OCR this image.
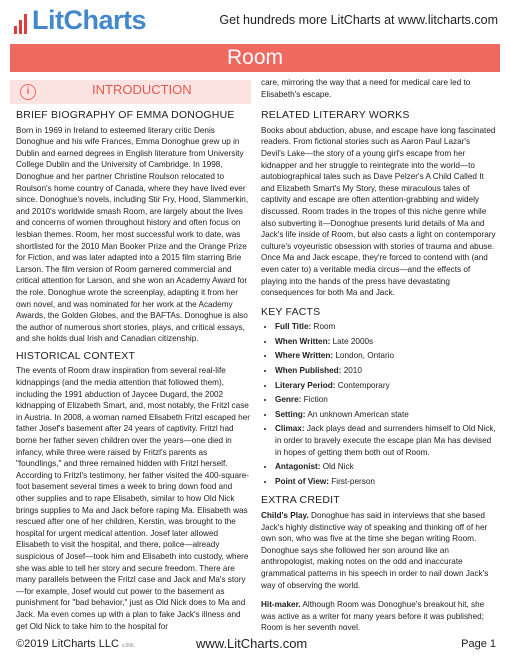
LitCharts	Get hundreds more LitCharts at www.litcharts.com
Room
i	INTRODUCTION
BRIEF BIOGRAPHY OF EMMA DONOGHUE

Born in 1969 in Ireland to esteemed literary critic Denis Donoghue and his wife Frances, Emma Donoghue grew up in Dublin and earned degrees in English literature from University College Dublin and the University of Cambridge. In 1998, Donoghue and her partner Christine Roulson relocated to Roulson's home country of Canada, where they have lived ever since. Donoghue's novels, including Stir Fry, Hood, Slammerkin, and 2010's worldwide smash Room, are largely about the lives and concerns of women throughout history and often focus on lesbian themes. Room, her most successful work to date, was shortlisted for the 2010 Man Booker Prize and the Orange Prize for Fiction, and was later adapted into a 2015 film starring Brie Larson. The film version of Room garnered commercial and critical attention for Larson, and she won an Academy Award for the role. Donoghue wrote the screenplay, adapting it from her own novel, and was nominated for her work at the Academy Awards, the Golden Globes, and the BAFTAs. Donoghue is also the author of numerous short stories, plays, and critical essays, and she holds dual Irish and Canadian citizenship.

HISTORICAL CONTEXT

The events of Room draw inspiration from several real-life kidnappings (and the media attention that followed them), including the 1991 abduction of Jaycee Dugard, the 2002 kidnapping of Elizabeth Smart, and, most notably, the Fritzl case in Austria. In 2008, a woman named Elisabeth Fritzl escaped her father Josef's basement after 24 years of captivity. Fritzl had borne her father seven children over the years—one died in infancy, while three were raised by Fritzl's parents as "foundlings," and three remained hidden with Fritzl herself. According to Fritzl's testimony, her father visited the 400-square-foot basement several times a week to bring down food and other supplies and to rape Elisabeth, similar to how Old Nick brings supplies to Ma and Jack before raping Ma. Elisabeth was rescued after one of her children, Kerstin, was brought to the hospital for urgent medical attention. Josef later allowed Elisabeth to visit the hospital, and there, police—already suspicious of Josef—took him and Elisabeth into custody, where she was able to tell her story and secure freedom. There are many parallels between the Fritzl case and Jack and Ma's story—for example, Josef would cut power to the basement as punishment for "bad behavior," just as Old Nick does to Ma and Jack. Ma even comes up with a plan to fake Jack's illness and get Old Nick to take him to the hospital for

care, mirroring the way that a need for medical care led to Elisabeth's escape.

RELATED LITERARY WORKS

Books about abduction, abuse, and escape have long fascinated readers. From fictional stories such as Aaron Paul Lazar's Devil's Lake—the story of a young girl's escape from her kidnapper and her struggle to reintegrate into the world—to autobiographical tales such as Dave Pelzer's A Child Called It and Elizabeth Smart's My Story, these miraculous tales of captivity and escape are often attention-grabbing and widely discussed. Room trades in the tropes of this niche genre while also subverting it—Donoghue presents lurid details of Ma and Jack's life inside of Room, but also casts a light on contemporary culture's voyeuristic obsession with stories of trauma and abuse. Once Ma and Jack escape, they're forced to contend with (and even cater to) a veritable media circus—and the effects of playing into the hands of the press have devastating consequences for both Ma and Jack.

KEY FACTS
• Full Title: Room
• When Written: Late 2000s
• Where Written: London, Ontario
• When Published: 2010
• Literary Period: Contemporary
• Genre: Fiction
• Setting: An unknown American state
• Climax: Jack plays dead and surrenders himself to Old Nick, in order to bravely execute the escape plan Ma has devised in hopes of getting them both out of Room.
• Antagonist: Old Nick
• Point of View: First-person
EXTRA CREDIT

Child's Play. Donoghue has said in interviews that she based Jack's highly distinctive way of speaking and thinking off of her own son, who was five at the time she began writing Room. Donoghue says she followed her son around like an anthropologist, making notes on the odd and inaccurate grammatical patterns in his speech in order to nail down Jack's way of observing the world.

Hit-maker. Although Room was Donoghue's breakout hit, she was active as a writer for many years before it was published; Room is her seventh novel.

©2019 LitCharts LLC v.006	www.LitCharts.com	Page 1
